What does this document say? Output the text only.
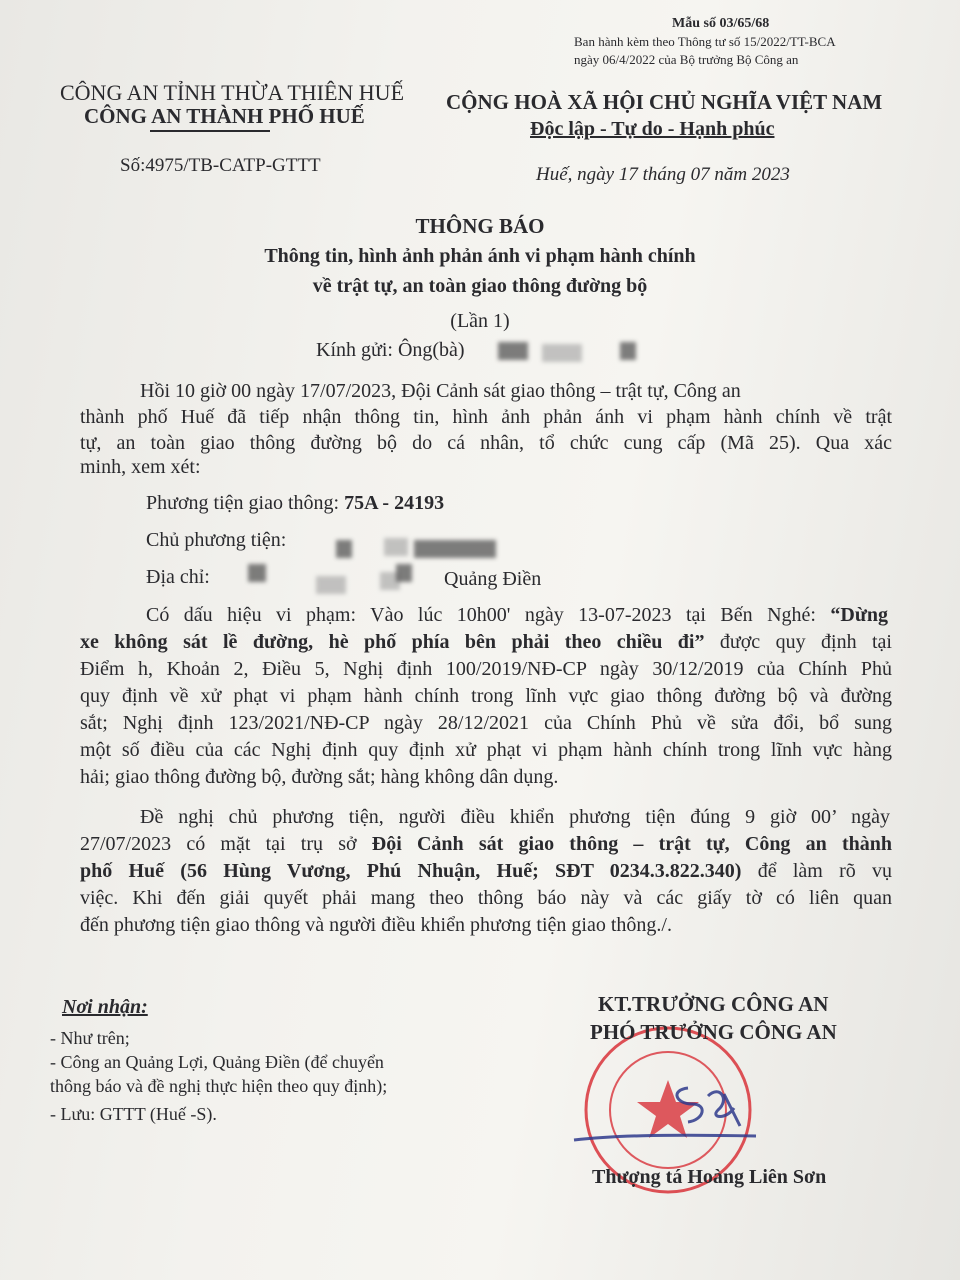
Mẫu số 03/65/68
Ban hành kèm theo Thông tư số 15/2022/TT-BCA
ngày 06/4/2022 của Bộ trưởng Bộ Công an
CÔNG AN TỈNH THỪA THIÊN HUẾ
CÔNG AN THÀNH PHỐ HUẾ
CỘNG HOÀ XÃ HỘI CHỦ NGHĨA VIỆT NAM
Độc lập - Tự do - Hạnh phúc
Số:4975/TB-CATP-GTTT	Huế, ngày 17 tháng 07 năm 2023
THÔNG BÁO
Thông tin, hình ảnh phản ánh vi phạm hành chính
về trật tự, an toàn giao thông đường bộ
(Lần 1)
Kính gửi: Ông(bà)
Hồi 10 giờ 00 ngày 17/07/2023, Đội Cảnh sát giao thông – trật tự, Công an
thành phố Huế đã tiếp nhận thông tin, hình ảnh phản ánh vi phạm hành chính về trật
tự, an toàn giao thông đường bộ do cá nhân, tổ chức cung cấp (Mã 25). Qua xác
minh, xem xét:
Phương tiện giao thông: 75A - 24193
Chủ phương tiện:
Địa chỉ:	Quảng Điền
Có dấu hiệu vi phạm: Vào lúc 10h00' ngày 13-07-2023 tại Bến Nghé: “Dừng
xe không sát lề đường, hè phố phía bên phải theo chiều đi” được quy định tại
Điểm h, Khoản 2, Điều 5, Nghị định 100/2019/NĐ-CP ngày 30/12/2019 của Chính Phủ
quy định về xử phạt vi phạm hành chính trong lĩnh vực giao thông đường bộ và đường
sắt; Nghị định 123/2021/NĐ-CP ngày 28/12/2021 của Chính Phủ về sửa đổi, bổ sung
một số điều của các Nghị định quy định xử phạt vi phạm hành chính trong lĩnh vực hàng
hải; giao thông đường bộ, đường sắt; hàng không dân dụng.
Đề nghị chủ phương tiện, người điều khiển phương tiện đúng 9 giờ 00’ ngày
27/07/2023 có mặt tại trụ sở Đội Cảnh sát giao thông – trật tự, Công an thành
phố Huế (56 Hùng Vương, Phú Nhuận, Huế; SĐT 0234.3.822.340) để làm rõ vụ
việc. Khi đến giải quyết phải mang theo thông báo này và các giấy tờ có liên quan
đến phương tiện giao thông và người điều khiển phương tiện giao thông./.
Nơi nhận:
- Như trên;
- Công an Quảng Lợi, Quảng Điền (để chuyển
thông báo và đề nghị thực hiện theo quy định);
- Lưu: GTTT (Huế -S).
KT.TRƯỞNG CÔNG AN
PHÓ TRƯỞNG CÔNG AN
Thượng tá Hoàng Liên Sơn
